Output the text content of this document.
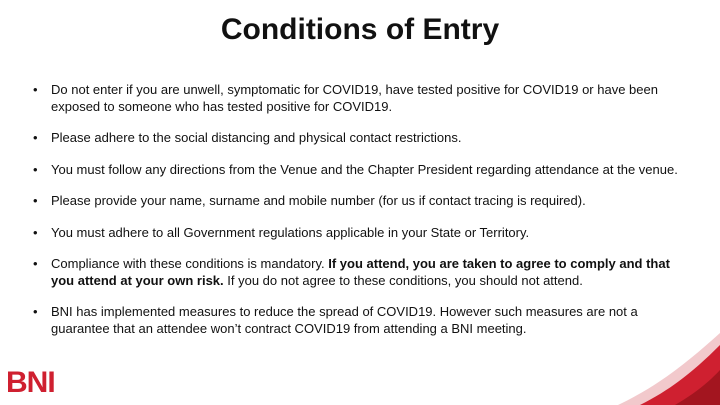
Conditions of Entry
• Do not enter if you are unwell, symptomatic for COVID19, have tested positive for COVID19 or have been exposed to someone who has tested positive for COVID19.
• Please adhere to the social distancing and physical contact restrictions.
• You must follow any directions from the Venue and the Chapter President regarding attendance at the venue.
• Please provide your name, surname and mobile number (for us if contact tracing is required).
• You must adhere to all Government regulations applicable in your State or Territory.
• Compliance with these conditions is mandatory. If you attend, you are taken to agree to comply and that you attend at your own risk. If you do not agree to these conditions, you should not attend.
• BNI has implemented measures to reduce the spread of COVID19. However such measures are not a guarantee that an attendee won’t contract COVID19 from attending a BNI meeting.
BNI
